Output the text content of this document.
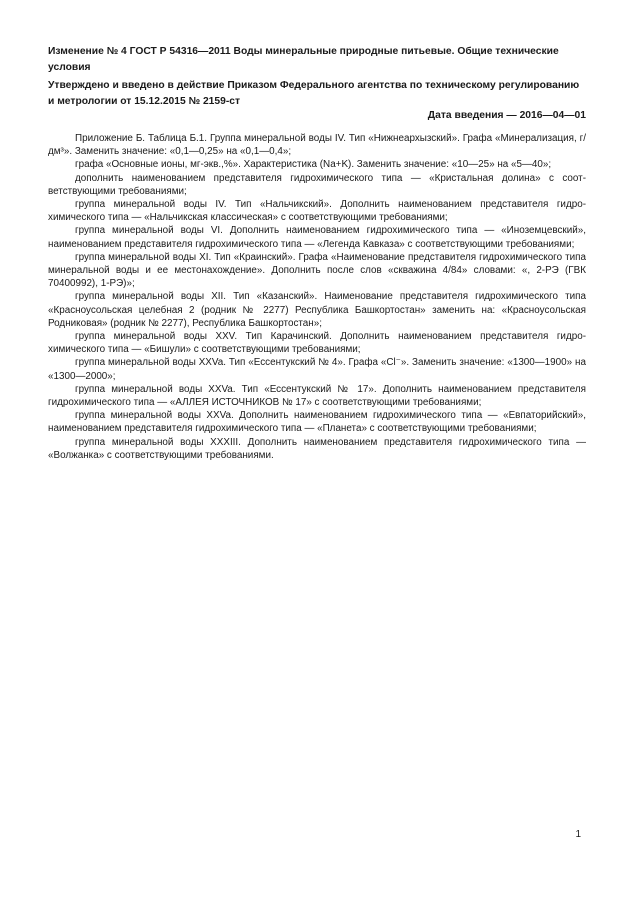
Изменение № 4 ГОСТ Р 54316—2011 Воды минеральные природные питьевые. Общие технические условия

Утверждено и введено в действие Приказом Федерального агентства по техническому регулированию и метрологии от 15.12.2015 № 2159-ст

Дата введения — 2016—04—01

Приложение Б. Таблица Б.1. Группа минеральной воды IV. Тип «Нижнеархызский». Графа «Минерализация, г/дм³». Заменить значение: «0,1—0,25» на «0,1—0,4»;

графа «Основные ионы, мг-экв.,%». Характеристика (Na+K). Заменить значение: «10—25» на «5—40»;

дополнить наименованием представителя гидрохимического типа — «Кристальная долина» с соответствующими требованиями;

группа минеральной воды IV. Тип «Нальчикский». Дополнить наименованием представителя гидрохимического типа — «Нальчикская классическая» с соответствующими требованиями;

группа минеральной воды VI. Дополнить наименованием гидрохимического типа — «Иноземцевский», наименованием представителя гидрохимического типа — «Легенда Кавказа» с соответствующими требованиями;

группа минеральной воды XI. Тип «Краинский». Графа «Наименование представителя гидрохимического типа минеральной воды и ее местонахождение». Дополнить после слов «скважина 4/84» словами: «, 2-РЭ (ГВК 70400992), 1-РЭ)»;

группа минеральной воды XII. Тип «Казанский». Наименование представителя гидрохимического типа «Красноусольская целебная 2 (родник № 2277) Республика Башкортостан» заменить на: «Красноусольская Родниковая» (родник № 2277), Республика Башкортостан»;

группа минеральной воды XXV. Тип Карачинский. Дополнить наименованием представителя гидрохимического типа — «Бишули» с соответствующими требованиями;

группа минеральной воды XXVa. Тип «Ессентукский № 4». Графа «Cl⁻». Заменить значение: «1300—1900» на «1300—2000»;

группа минеральной воды XXVa. Тип «Ессентукский № 17». Дополнить наименованием представителя гидрохимического типа — «АЛЛЕЯ ИСТОЧНИКОВ № 17» с соответствующими требованиями;

группа минеральной воды XXVa. Дополнить наименованием гидрохимического типа — «Евпаторийский», наименованием представителя гидрохимического типа — «Планета» с соответствующими требованиями;

группа минеральной воды XXXIII. Дополнить наименованием представителя гидрохимического типа — «Волжанка» с соответствующими требованиями.

1
